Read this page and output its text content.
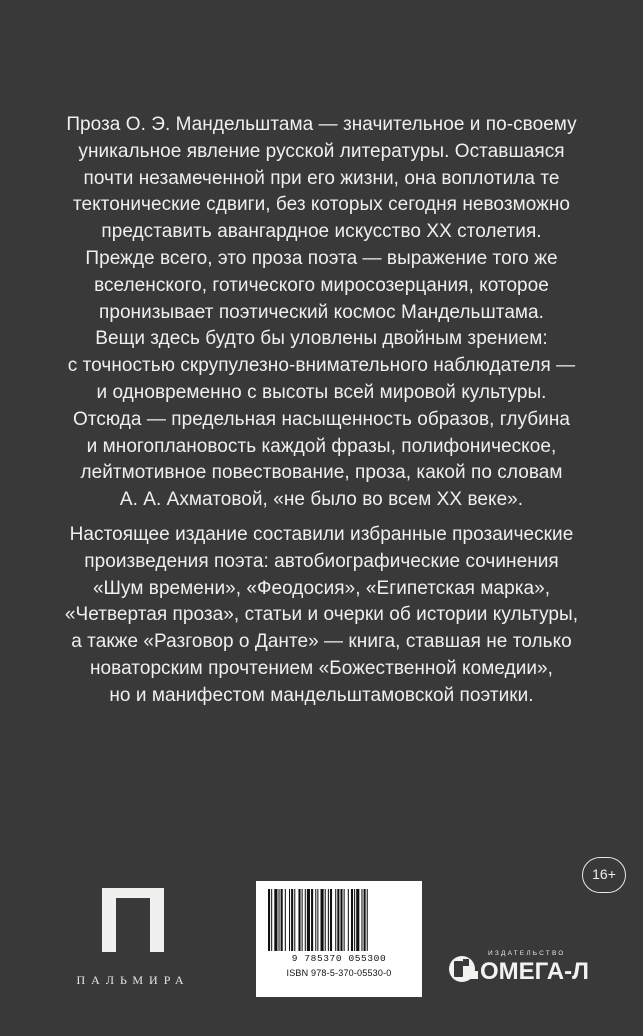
Проза О. Э. Мандельштама — значительное и по-своему
уникальное явление русской литературы. Оставшаяся
почти незамеченной при его жизни, она воплотила те
тектонические сдвиги, без которых сегодня невозможно
представить авангардное искусство XX столетия.
Прежде всего, это проза поэта — выражение того же
вселенского, готического миросозерцания, которое
пронизывает поэтический космос Мандельштама.
Вещи здесь будто бы уловлены двойным зрением:
с точностью скрупулезно-внимательного наблюдателя —
и одновременно с высоты всей мировой культуры.
Отсюда — предельная насыщенность образов, глубина
и многоплановость каждой фразы, полифоническое,
лейтмотивное повествование, проза, какой по словам
А. А. Ахматовой, «не было во всем XX веке».
Настоящее издание составили избранные прозаические
произведения поэта: автобиографические сочинения
«Шум времени», «Феодосия», «Египетская марка»,
«Четвертая проза», статьи и очерки об истории культуры,
а также «Разговор о Данте» — книга, ставшая не только
новаторским прочтением «Божественной комедии»,
но и манифестом мандельштамовской поэтики.
16+
ПАЛЬМИРА
9 785370 055300
ISBN 978-5-370-05530-0
ИЗДАТЕЛЬСТВО
ОМЕГА-Л
